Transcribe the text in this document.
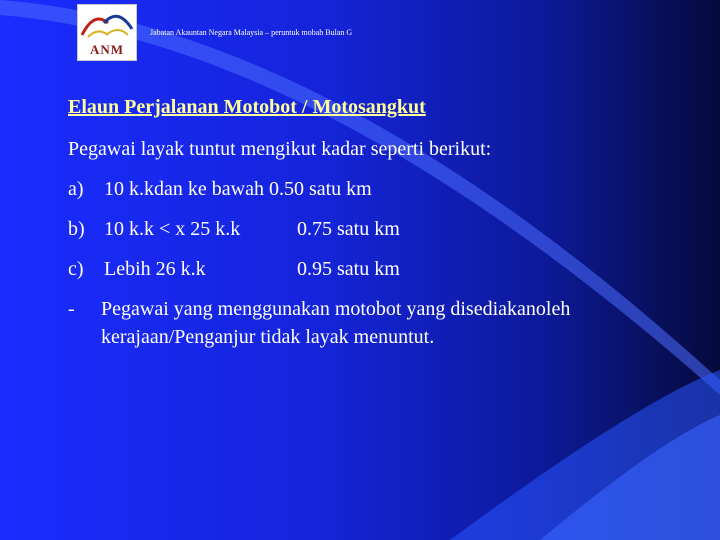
ANM
Jabatan Akauntan Negara Malaysia – peruntuk mobah Bulan G
Elaun Perjalanan Motobot / Motosangkut
Pegawai layak tuntut mengikut kadar seperti berikut:
a) 10 k.kdan ke bawah 0.50 satu km
b) 10 k.k < x 25 k.k	0.75 satu km
c) Lebih 26 k.k	0.95 satu km
- Pegawai yang menggunakan motobot yang disediakanoleh
kerajaan/Penganjur tidak layak menuntut.
